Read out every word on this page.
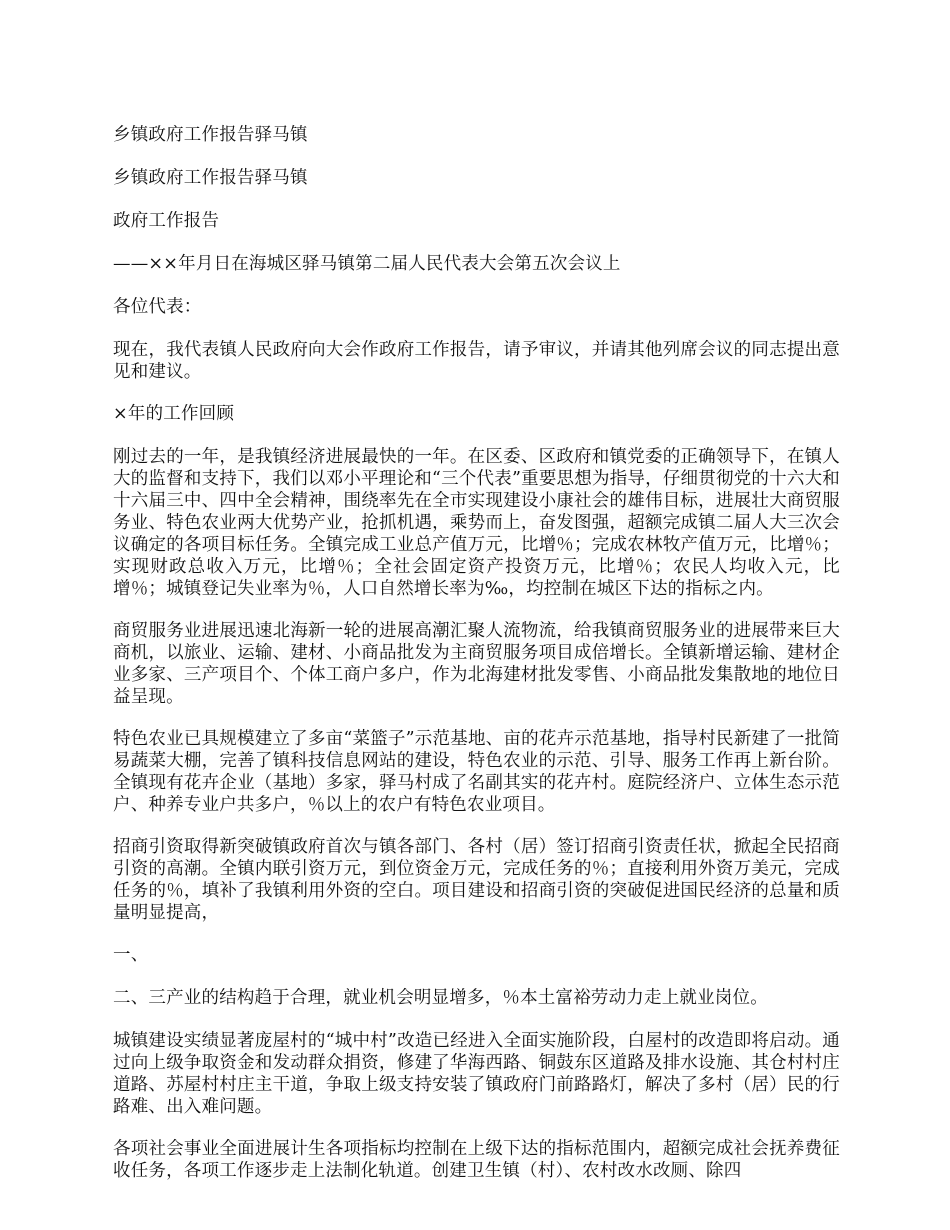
乡镇政府工作报告驿马镇

乡镇政府工作报告驿马镇

政府工作报告

——××年月日在海城区驿马镇第二届人民代表大会第五次会议上

各位代表：

现在，我代表镇人民政府向大会作政府工作报告，请予审议，并请其他列席会议的同志提出意见和建议。

×年的工作回顾

刚过去的一年，是我镇经济进展最快的一年。在区委、区政府和镇党委的正确领导下，在镇人大的监督和支持下，我们以邓小平理论和“三个代表”重要思想为指导，仔细贯彻党的十六大和十六届三中、四中全会精神，围绕率先在全市实现建设小康社会的雄伟目标，进展壮大商贸服务业、特色农业两大优势产业，抢抓机遇，乘势而上，奋发图强，超额完成镇二届人大三次会议确定的各项目标任务。全镇完成工业总产值万元，比增％；完成农林牧产值万元，比增％；实现财政总收入万元，比增％；全社会固定资产投资万元，比增％；农民人均收入元，比增％；城镇登记失业率为％，人口自然增长率为‰，均控制在城区下达的指标之内。

商贸服务业进展迅速北海新一轮的进展高潮汇聚人流物流，给我镇商贸服务业的进展带来巨大商机，以旅业、运输、建材、小商品批发为主商贸服务项目成倍增长。全镇新增运输、建材企业多家、三产项目个、个体工商户多户，作为北海建材批发零售、小商品批发集散地的地位日益呈现。

特色农业已具规模建立了多亩“菜篮子”示范基地、亩的花卉示范基地，指导村民新建了一批简易蔬菜大棚，完善了镇科技信息网站的建设，特色农业的示范、引导、服务工作再上新台阶。全镇现有花卉企业（基地）多家，驿马村成了名副其实的花卉村。庭院经济户、立体生态示范户、种养专业户共多户，％以上的农户有特色农业项目。

招商引资取得新突破镇政府首次与镇各部门、各村（居）签订招商引资责任状，掀起全民招商引资的高潮。全镇内联引资万元，到位资金万元，完成任务的％；直接利用外资万美元，完成任务的％，填补了我镇利用外资的空白。项目建设和招商引资的突破促进国民经济的总量和质量明显提高，

一、

二、三产业的结构趋于合理，就业机会明显增多，％本土富裕劳动力走上就业岗位。

城镇建设实绩显著庞屋村的“城中村”改造已经进入全面实施阶段，白屋村的改造即将启动。通过向上级争取资金和发动群众捐资，修建了华海西路、铜鼓东区道路及排水设施、其仓村村庄道路、苏屋村村庄主干道，争取上级支持安装了镇政府门前路路灯，解决了多村（居）民的行路难、出入难问题。

各项社会事业全面进展计生各项指标均控制在上级下达的指标范围内，超额完成社会抚养费征收任务，各项工作逐步走上法制化轨道。创建卫生镇（村）、农村改水改厕、除四
